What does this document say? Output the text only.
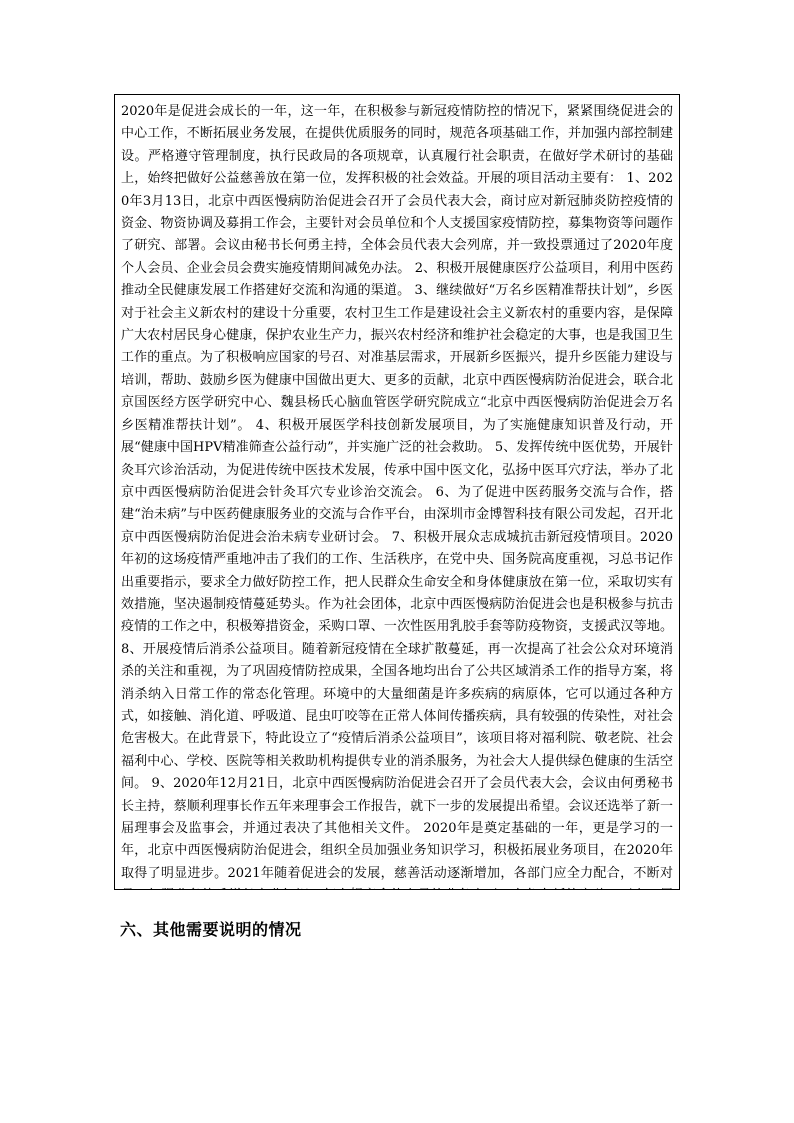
2020年是促进会成长的一年，这一年，在积极参与新冠疫情防控的情况下，紧紧围绕促进会的中心工作，不断拓展业务发展，在提供优质服务的同时，规范各项基础工作，并加强内部控制建设。严格遵守管理制度，执行民政局的各项规章，认真履行社会职责，在做好学术研讨的基础上，始终把做好公益慈善放在第一位，发挥积极的社会效益。开展的项目活动主要有： 1、2020年3月13日，北京中西医慢病防治促进会召开了会员代表大会，商讨应对新冠肺炎防控疫情的资金、物资协调及募捐工作会，主要针对会员单位和个人支援国家疫情防控，募集物资等问题作了研究、部署。会议由秘书长何勇主持，全体会员代表大会列席，并一致投票通过了2020年度个人会员、企业会员会费实施疫情期间减免办法。 2、积极开展健康医疗公益项目，利用中医药推动全民健康发展工作搭建好交流和沟通的渠道。 3、继续做好“万名乡医精准帮扶计划”，乡医对于社会主义新农村的建设十分重要，农村卫生工作是建设社会主义新农村的重要内容，是保障广大农村居民身心健康，保护农业生产力，振兴农村经济和维护社会稳定的大事，也是我国卫生工作的重点。为了积极响应国家的号召、对准基层需求，开展新乡医振兴，提升乡医能力建设与培训，帮助、鼓励乡医为健康中国做出更大、更多的贡献，北京中西医慢病防治促进会，联合北京国医经方医学研究中心、魏县杨氏心脑血管医学研究院成立“北京中西医慢病防治促进会万名乡医精准帮扶计划”。 4、积极开展医学科技创新发展项目，为了实施健康知识普及行动，开展“健康中国HPV精准筛查公益行动”，并实施广泛的社会救助。 5、发挥传统中医优势，开展针灸耳穴诊治活动，为促进传统中医技术发展，传承中国中医文化，弘扬中医耳穴疗法，举办了北京中西医慢病防治促进会针灸耳穴专业诊治交流会。 6、为了促进中医药服务交流与合作，搭建“治未病”与中医药健康服务业的交流与合作平台，由深圳市金博智科技有限公司发起，召开北京中西医慢病防治促进会治未病专业研讨会。 7、积极开展众志成城抗击新冠疫情项目。2020年初的这场疫情严重地冲击了我们的工作、生活秩序，在党中央、国务院高度重视，习总书记作出重要指示，要求全力做好防控工作，把人民群众生命安全和身体健康放在第一位，采取切实有效措施，坚决遏制疫情蔓延势头。作为社会团体，北京中西医慢病防治促进会也是积极参与抗击疫情的工作之中，积极筹措资金，采购口罩、一次性医用乳胶手套等防疫物资，支援武汉等地。 8、开展疫情后消杀公益项目。随着新冠疫情在全球扩散蔓延，再一次提高了社会公众对环境消杀的关注和重视，为了巩固疫情防控成果，全国各地均出台了公共区域消杀工作的指导方案，将消杀纳入日常工作的常态化管理。环境中的大量细菌是许多疾病的病原体，它可以通过各种方式，如接触、消化道、呼吸道、昆虫叮咬等在正常人体间传播疾病，具有较强的传染性，对社会危害极大。在此背景下，特此设立了“疫情后消杀公益项目”，该项目将对福利院、敬老院、社会福利中心、学校、医院等相关救助机构提供专业的消杀服务，为社会大人提供绿色健康的生活空间。 9、2020年12月21日，北京中西医慢病防治促进会召开了会员代表大会，会议由何勇秘书长主持，蔡顺利理事长作五年来理事会工作报告，就下一步的发展提出希望。会议还选举了新一届理事会及监事会，并通过表决了其他相关文件。 2020年是奠定基础的一年，更是学习的一年，北京中西医慢病防治促进会，组织全员加强业务知识学习，积极拓展业务项目，在2020年取得了明显进步。2021年随着促进会的发展，慈善活动逐渐增加，各部门应全力配合，不断对

六、其他需要说明的情况
